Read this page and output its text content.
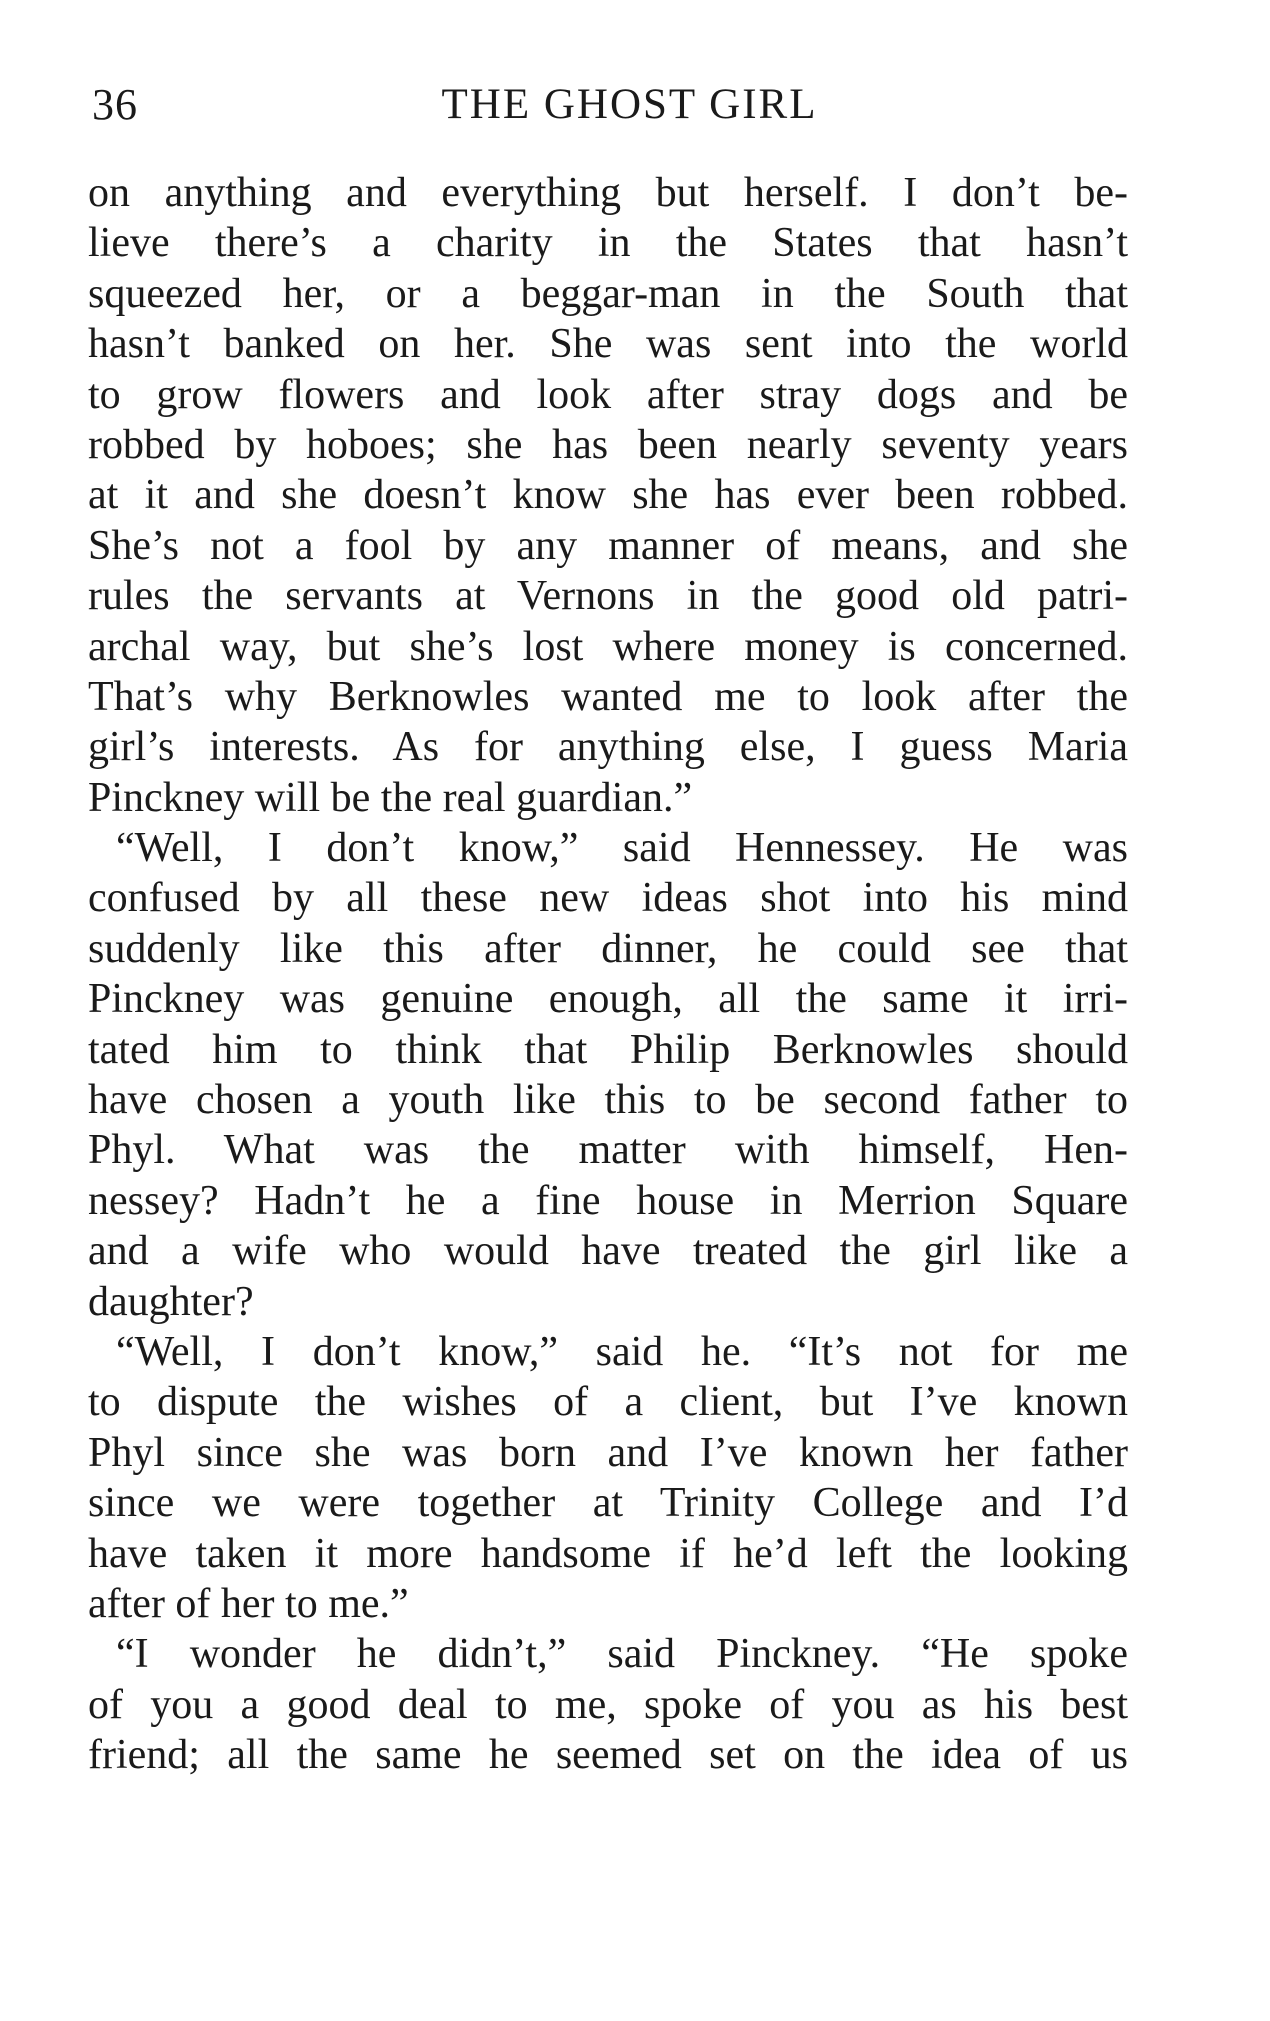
36	THE GHOST GIRL
on anything and everything but herself. I don’t be-
lieve there’s a charity in the States that hasn’t
squeezed her, or a beggar-man in the South that
hasn’t banked on her. She was sent into the world
to grow flowers and look after stray dogs and be
robbed by hoboes; she has been nearly seventy years
at it and she doesn’t know she has ever been robbed.
She’s not a fool by any manner of means, and she
rules the servants at Vernons in the good old patri-
archal way, but she’s lost where money is concerned.
That’s why Berknowles wanted me to look after the
girl’s interests. As for anything else, I guess Maria
Pinckney will be the real guardian.”
“Well, I don’t know,” said Hennessey. He was
confused by all these new ideas shot into his mind
suddenly like this after dinner, he could see that
Pinckney was genuine enough, all the same it irri-
tated him to think that Philip Berknowles should
have chosen a youth like this to be second father to
Phyl. What was the matter with himself, Hen-
nessey? Hadn’t he a fine house in Merrion Square
and a wife who would have treated the girl like a
daughter?
“Well, I don’t know,” said he. “It’s not for me
to dispute the wishes of a client, but I’ve known
Phyl since she was born and I’ve known her father
since we were together at Trinity College and I’d
have taken it more handsome if he’d left the looking
after of her to me.”
“I wonder he didn’t,” said Pinckney. “He spoke
of you a good deal to me, spoke of you as his best
friend; all the same he seemed set on the idea of us
